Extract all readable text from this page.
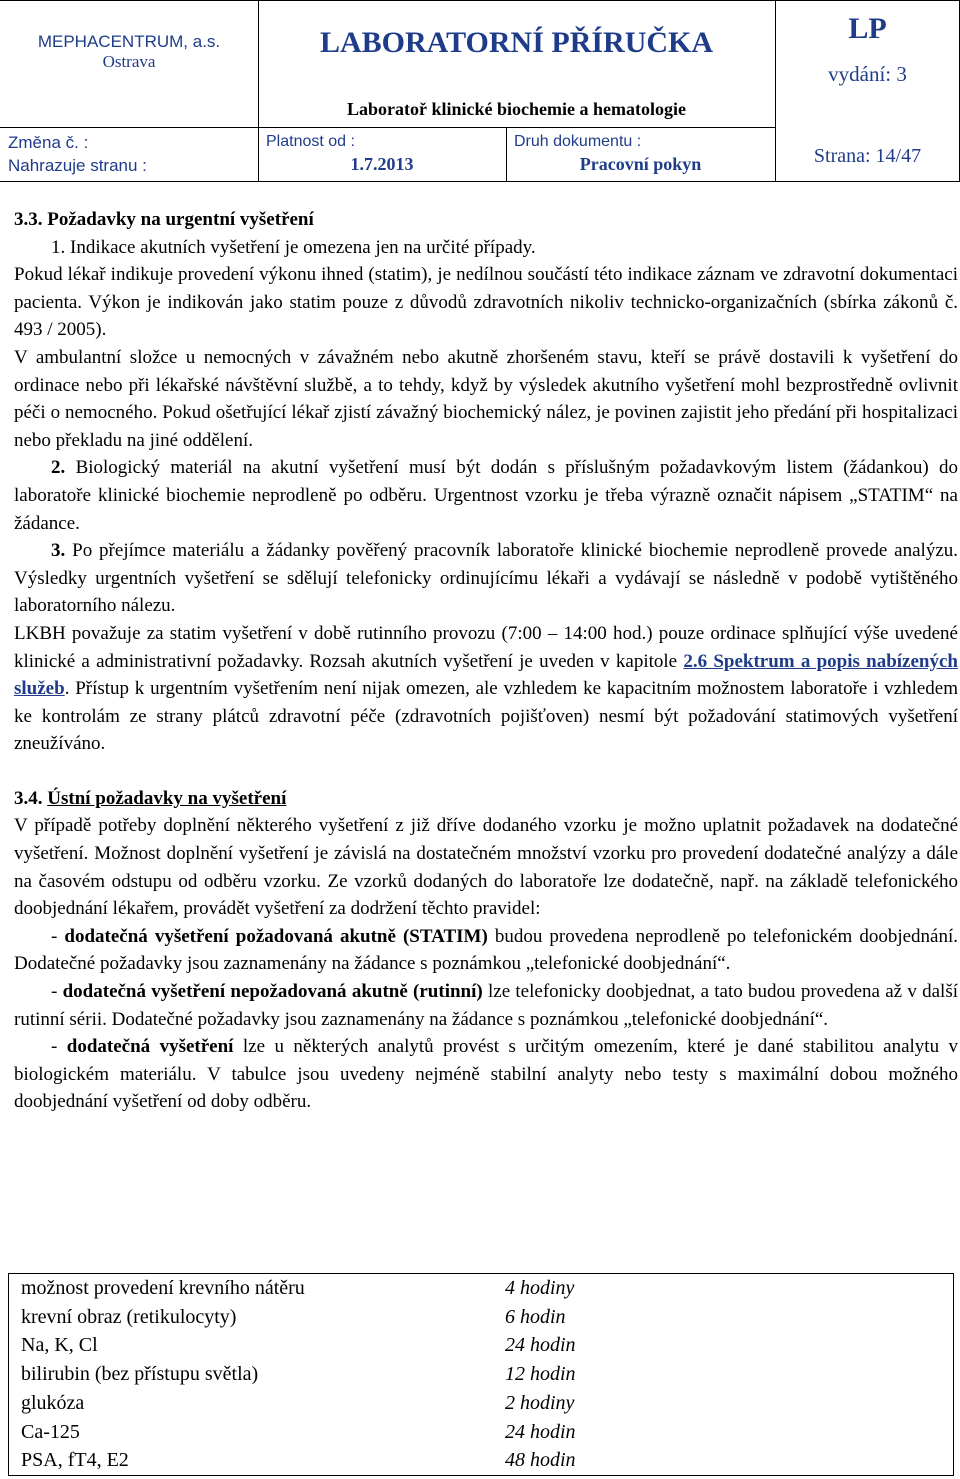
MEPHACENTRUM, a.s.
Ostrava
LABORATORNÍ PŘÍRUČKA
Laboratoř klinické biochemie a hematologie
LP
vydání: 3
Změna č. :
Nahrazuje stranu :
Platnost od :
1.7.2013
Druh dokumentu :
Pracovní pokyn	Strana: 14/47

3.3. Požadavky na urgentní vyšetření

1. Indikace akutních vyšetření je omezena jen na určité případy.

Pokud lékař indikuje provedení výkonu ihned (statim), je nedílnou součástí této indikace záznam ve zdravotní dokumentaci pacienta. Výkon je indikován jako statim pouze z důvodů zdravotních nikoliv technicko-organizačních (sbírka zákonů č. 493 / 2005).

V ambulantní složce u nemocných v závažném nebo akutně zhoršeném stavu, kteří se právě dostavili k vyšetření do ordinace nebo při lékařské návštěvní službě, a to tehdy, když by výsledek akutního vyšetření mohl bezprostředně ovlivnit péči o nemocného. Pokud ošetřující lékař zjistí závažný biochemický nález, je povinen zajistit jeho předání při hospitalizaci nebo překladu na jiné oddělení.

2. Biologický materiál na akutní vyšetření musí být dodán s příslušným požadavkovým listem (žádankou) do laboratoře klinické biochemie neprodleně po odběru. Urgentnost vzorku je třeba výrazně označit nápisem „STATIM“ na žádance.

3. Po přejímce materiálu a žádanky pověřený pracovník laboratoře klinické biochemie neprodleně provede analýzu. Výsledky urgentních vyšetření se sdělují telefonicky ordinujícímu lékaři a vydávají se následně v podobě vytištěného laboratorního nálezu.

LKBH považuje za statim vyšetření v době rutinního provozu (7:00 – 14:00 hod.) pouze ordinace splňující výše uvedené klinické a administrativní požadavky. Rozsah akutních vyšetření je uveden v kapitole 2.6 Spektrum a popis nabízených služeb. Přístup k urgentním vyšetřením není nijak omezen, ale vzhledem ke kapacitním možnostem laboratoře i vzhledem ke kontrolám ze strany plátců zdravotní péče (zdravotních pojišťoven) nesmí být požadování statimových vyšetření zneužíváno.

3.4. Ústní požadavky na vyšetření

V případě potřeby doplnění některého vyšetření z již dříve dodaného vzorku je možno uplatnit požadavek na dodatečné vyšetření. Možnost doplnění vyšetření je závislá na dostatečném množství vzorku pro provedení dodatečné analýzy a dále na časovém odstupu od odběru vzorku. Ze vzorků dodaných do laboratoře lze dodatečně, např. na základě telefonického doobjednání lékařem, provádět vyšetření za dodržení těchto pravidel:

- dodatečná vyšetření požadovaná akutně (STATIM) budou provedena neprodleně po telefonickém doobjednání. Dodatečné požadavky jsou zaznamenány na žádance s poznámkou „telefonické doobjednání“.

- dodatečná vyšetření nepožadovaná akutně (rutinní) lze telefonicky doobjednat, a tato budou provedena až v další rutinní sérii. Dodatečné požadavky jsou zaznamenány na žádance s poznámkou „telefonické doobjednání“.

- dodatečná vyšetření lze u některých analytů provést s určitým omezením, které je dané stabilitou analytu v biologickém materiálu. V tabulce jsou uvedeny nejméně stabilní analyty nebo testy s maximální dobou možného doobjednání vyšetření od doby odběru.

možnost provedení krevního nátěru	4 hodiny
krevní obraz (retikulocyty)	6 hodin
Na, K, Cl	24 hodin
bilirubin (bez přístupu světla)	12 hodin
glukóza	2 hodiny
Ca-125	24 hodin
PSA, fT4, E2	48 hodin
